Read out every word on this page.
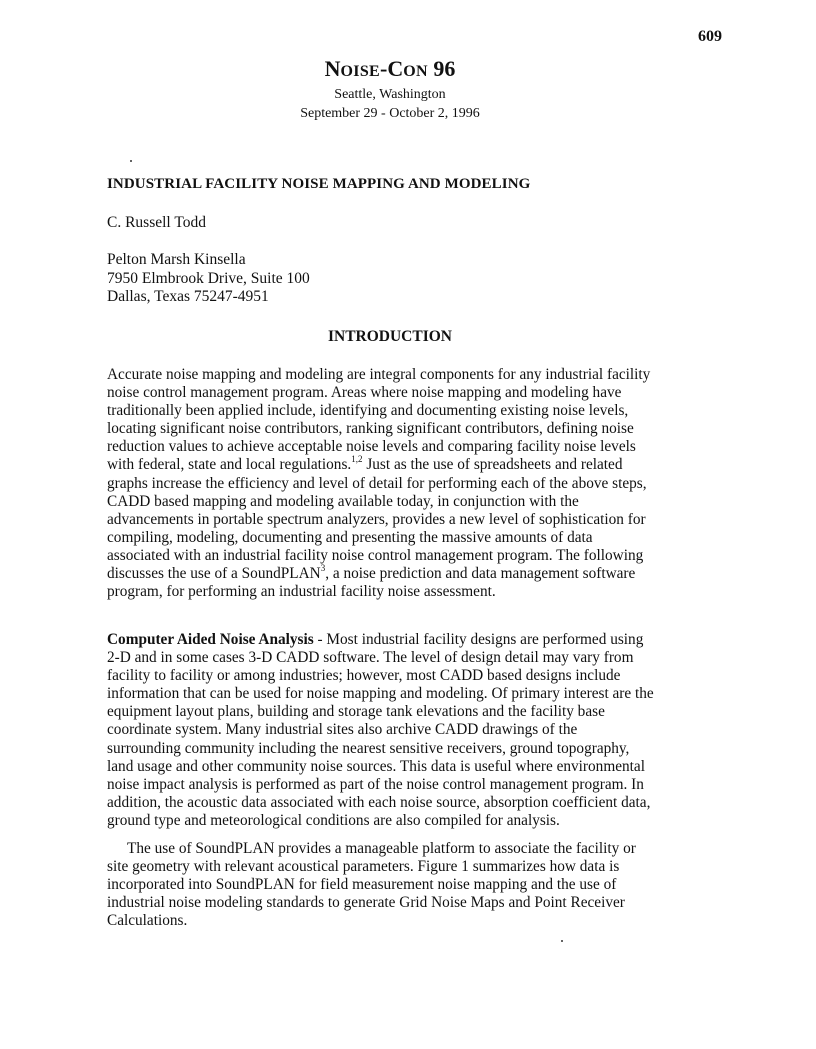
609
NOISE-CON 96
Seattle, Washington
September 29 - October 2, 1996
INDUSTRIAL FACILITY NOISE MAPPING AND MODELING
C. Russell Todd
Pelton Marsh Kinsella
7950 Elmbrook Drive, Suite 100
Dallas, Texas 75247-4951
INTRODUCTION
Accurate noise mapping and modeling are integral components for any industrial facility
noise control management program. Areas where noise mapping and modeling have
traditionally been applied include, identifying and documenting existing noise levels,
locating significant noise contributors, ranking significant contributors, defining noise
reduction values to achieve acceptable noise levels and comparing facility noise levels
with federal, state and local regulations.$^{1,2}$ Just as the use of spreadsheets and related
graphs increase the efficiency and level of detail for performing each of the above steps,
CADD based mapping and modeling available today, in conjunction with the
advancements in portable spectrum analyzers, provides a new level of sophistication for
compiling, modeling, documenting and presenting the massive amounts of data
associated with an industrial facility noise control management program. The following
discusses the use of a SoundPLAN$^3$, a noise prediction and data management software
program, for performing an industrial facility noise assessment.
Computer Aided Noise Analysis - Most industrial facility designs are performed using
2-D and in some cases 3-D CADD software. The level of design detail may vary from
facility to facility or among industries; however, most CADD based designs include
information that can be used for noise mapping and modeling. Of primary interest are the
equipment layout plans, building and storage tank elevations and the facility base
coordinate system. Many industrial sites also archive CADD drawings of the
surrounding community including the nearest sensitive receivers, ground topography,
land usage and other community noise sources. This data is useful where environmental
noise impact analysis is performed as part of the noise control management program. In
addition, the acoustic data associated with each noise source, absorption coefficient data,
ground type and meteorological conditions are also compiled for analysis.
The use of SoundPLAN provides a manageable platform to associate the facility or
site geometry with relevant acoustical parameters. Figure 1 summarizes how data is
incorporated into SoundPLAN for field measurement noise mapping and the use of
industrial noise modeling standards to generate Grid Noise Maps and Point Receiver
Calculations.
